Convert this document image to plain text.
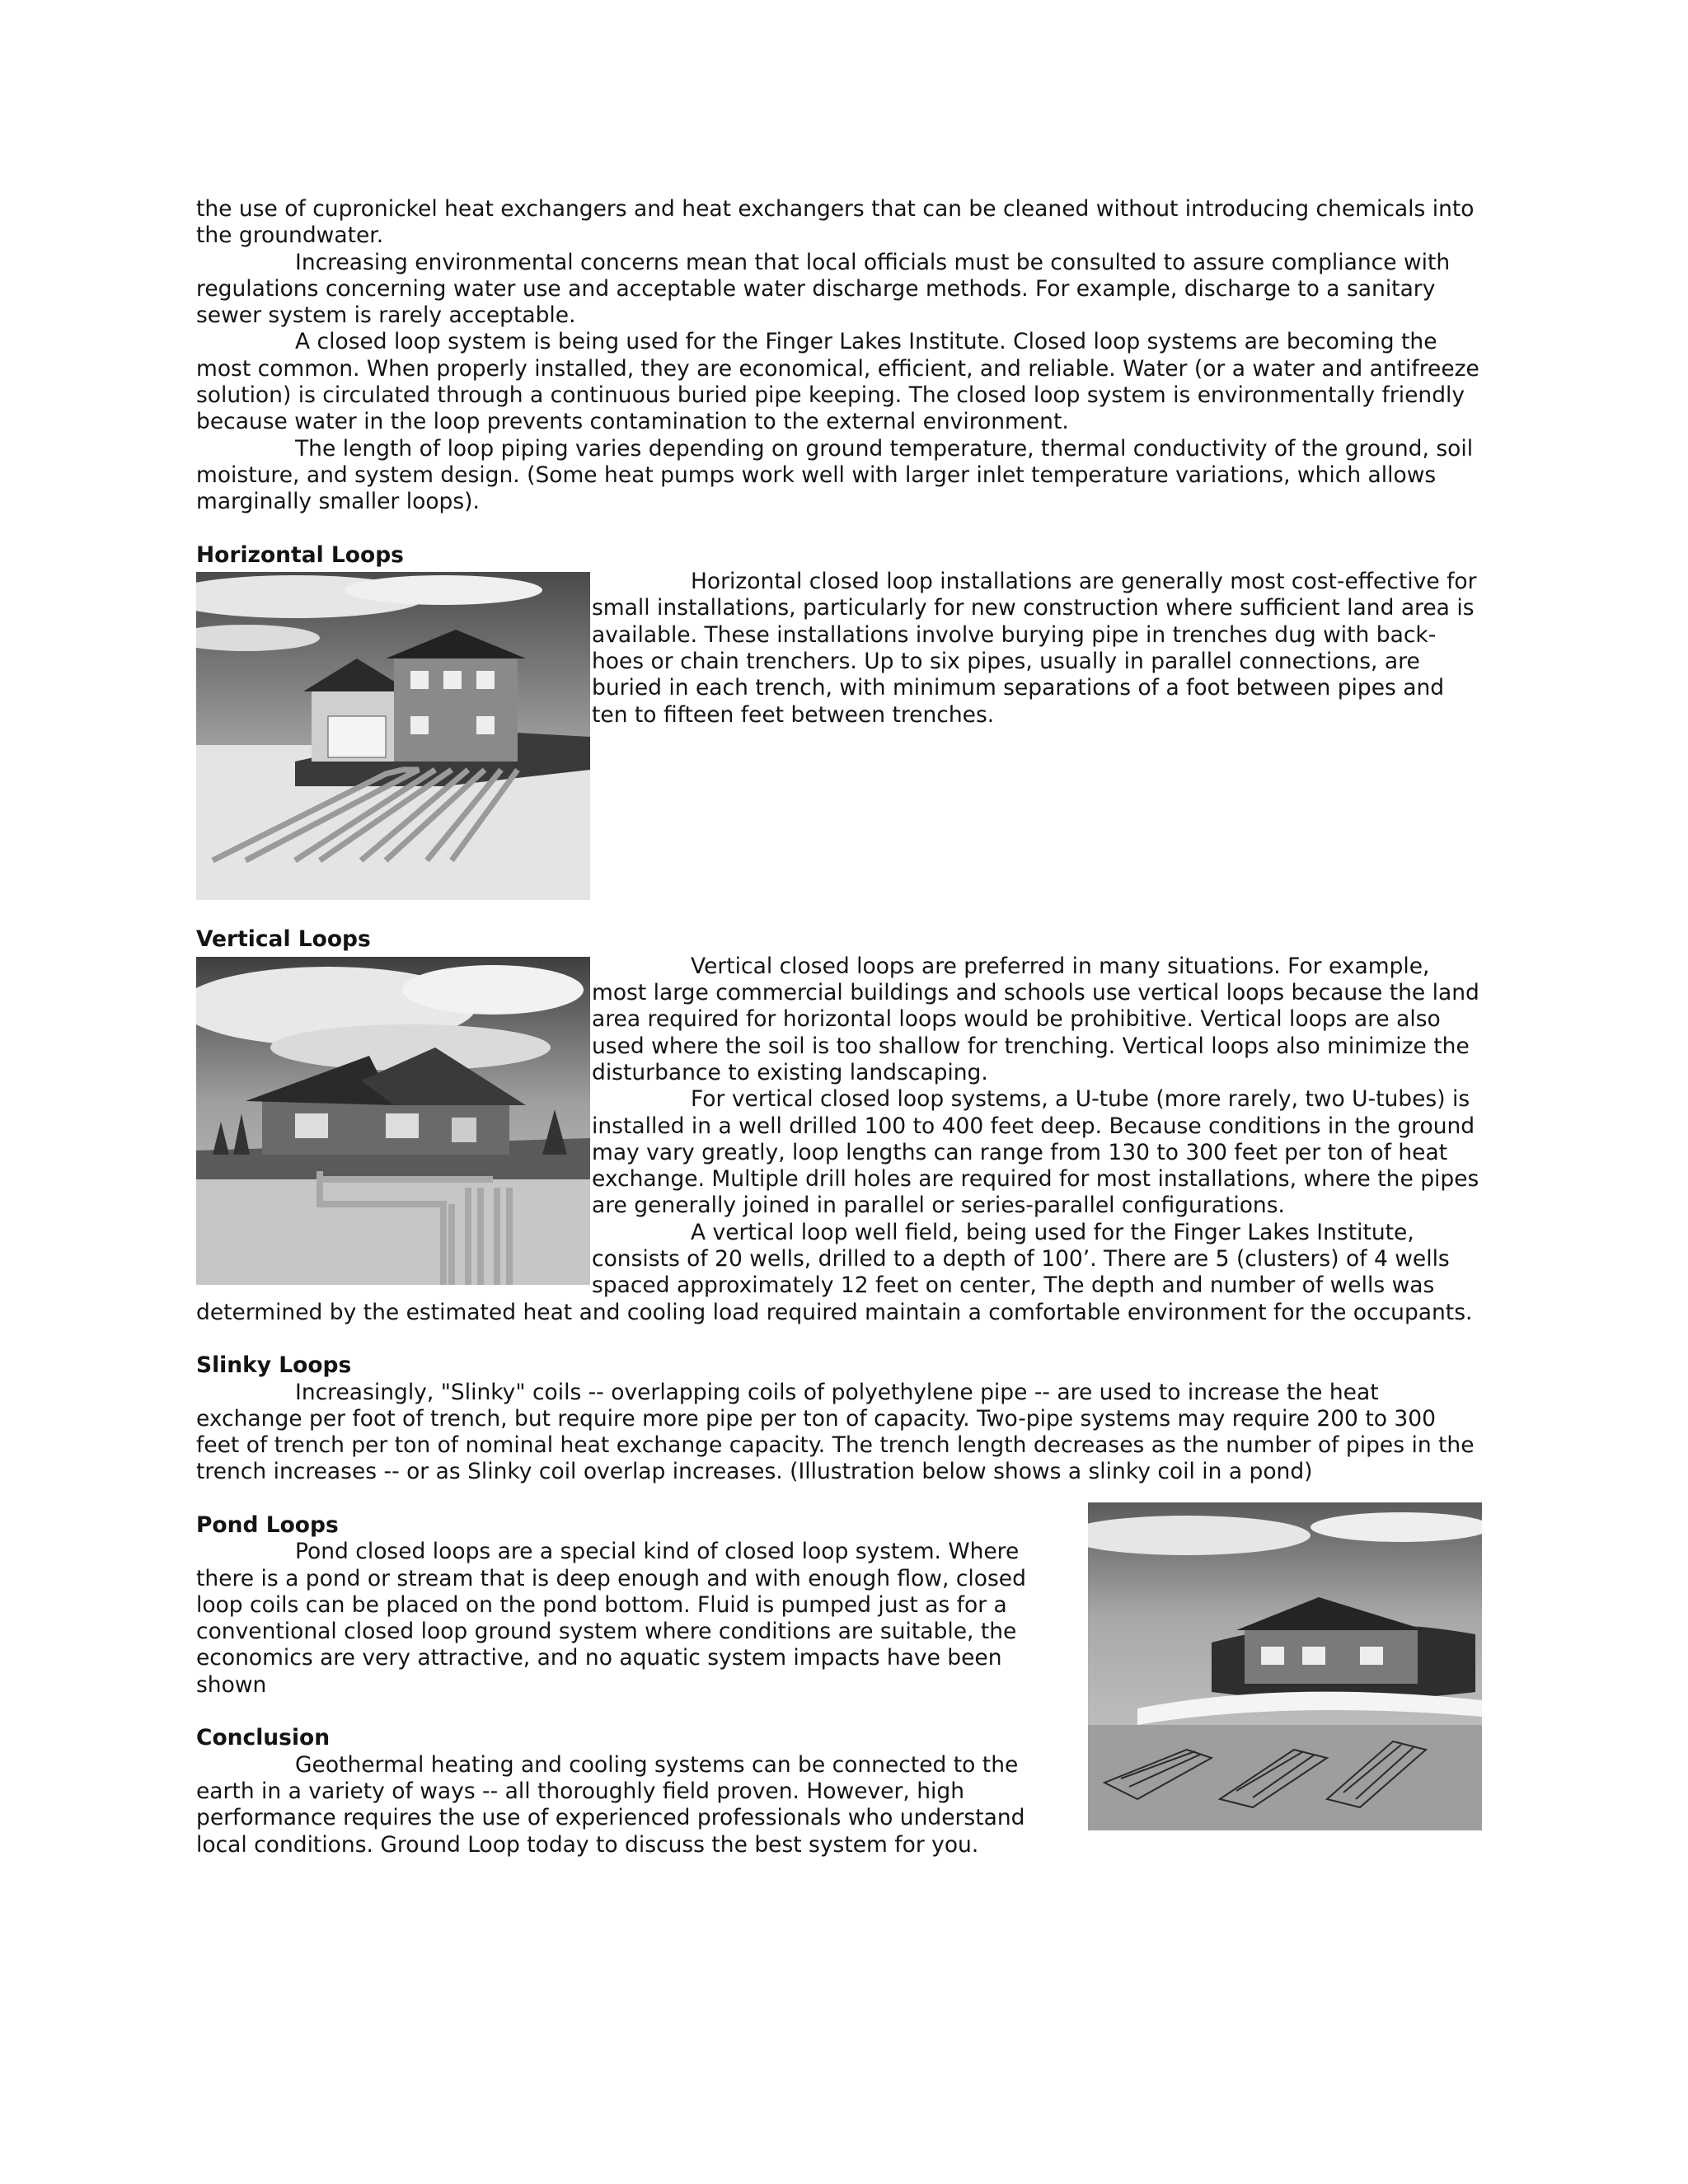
the use of cupronickel heat exchangers and heat exchangers that can be cleaned without introducing chemicals into the groundwater.

Increasing environmental concerns mean that local officials must be consulted to assure compliance with regulations concerning water use and acceptable water discharge methods. For example, discharge to a sanitary sewer system is rarely acceptable.

A closed loop system is being used for the Finger Lakes Institute. Closed loop systems are becoming the most common. When properly installed, they are economical, efficient, and reliable. Water (or a water and antifreeze solution) is circulated through a continuous buried pipe keeping. The closed loop system is environmentally friendly because water in the loop prevents contamination to the external environment.

The length of loop piping varies depending on ground temperature, thermal conductivity of the ground, soil moisture, and system design. (Some heat pumps work well with larger inlet temperature variations, which allows marginally smaller loops).

Horizontal Loops

Horizontal closed loop installations are generally most cost-effective for small installations, particularly for new construction where sufficient land area is available. These installations involve burying pipe in trenches dug with back-hoes or chain trenchers. Up to six pipes, usually in parallel connections, are buried in each trench, with minimum separations of a foot between pipes and ten to fifteen feet between trenches.

Vertical Loops

Vertical closed loops are preferred in many situations. For example, most large commercial buildings and schools use vertical loops because the land area required for horizontal loops would be prohibitive. Vertical loops are also used where the soil is too shallow for trenching. Vertical loops also minimize the disturbance to existing landscaping.

For vertical closed loop systems, a U-tube (more rarely, two U-tubes) is installed in a well drilled 100 to 400 feet deep. Because conditions in the ground may vary greatly, loop lengths can range from 130 to 300 feet per ton of heat exchange. Multiple drill holes are required for most installations, where the pipes are generally joined in parallel or series-parallel configurations.

A vertical loop well field, being used for the Finger Lakes Institute, consists of 20 wells, drilled to a depth of 100’. There are 5 (clusters) of 4 wells spaced approximately 12 feet on center, The depth and number of wells was determined by the estimated heat and cooling load required maintain a comfortable environment for the occupants.

Slinky Loops

Increasingly, "Slinky" coils -- overlapping coils of polyethylene pipe -- are used to increase the heat exchange per foot of trench, but require more pipe per ton of capacity. Two-pipe systems may require 200 to 300 feet of trench per ton of nominal heat exchange capacity. The trench length decreases as the number of pipes in the trench increases -- or as Slinky coil overlap increases. (Illustration below shows a slinky coil in a pond)

Pond Loops

Pond closed loops are a special kind of closed loop system. Where there is a pond or stream that is deep enough and with enough flow, closed loop coils can be placed on the pond bottom. Fluid is pumped just as for a conventional closed loop ground system where conditions are suitable, the economics are very attractive, and no aquatic system impacts have been shown

Conclusion

Geothermal heating and cooling systems can be connected to the earth in a variety of ways -- all thoroughly field proven. However, high performance requires the use of experienced professionals who understand local conditions. Ground Loop today to discuss the best system for you.
